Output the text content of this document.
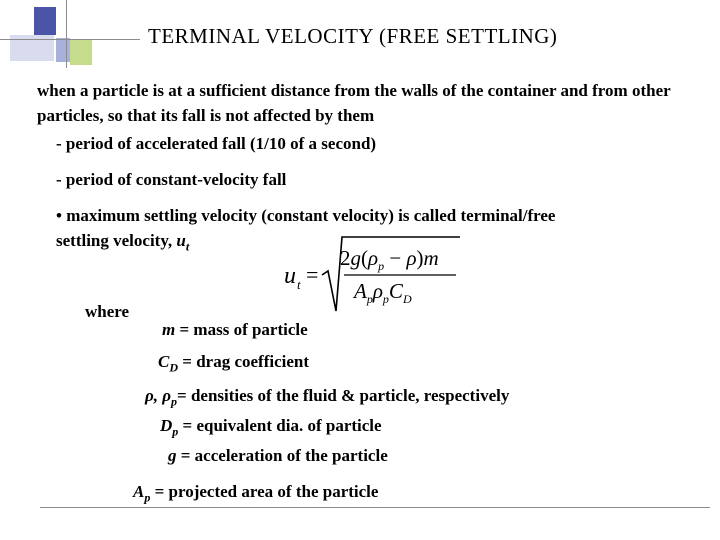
TERMINAL VELOCITY (FREE SETTLING)
when a particle is at a sufficient distance from the walls of the container and from other particles, so that its fall is not affected by them
- period of accelerated fall (1/10 of a second)
- period of constant-velocity fall
• maximum settling velocity (constant velocity) is called terminal/free
settling velocity, $u_t$
u t =
$2g(\rho_p - \rho)m$
$A_p\rho_pC_D$
where
m = mass of particle
$C_D$ = drag coefficient
ρ, $\rho_p=$ densities of the fluid & particle, respectively
$D_p$ = equivalent dia. of particle
g = acceleration of the particle
$A_p$ = projected area of the particle
